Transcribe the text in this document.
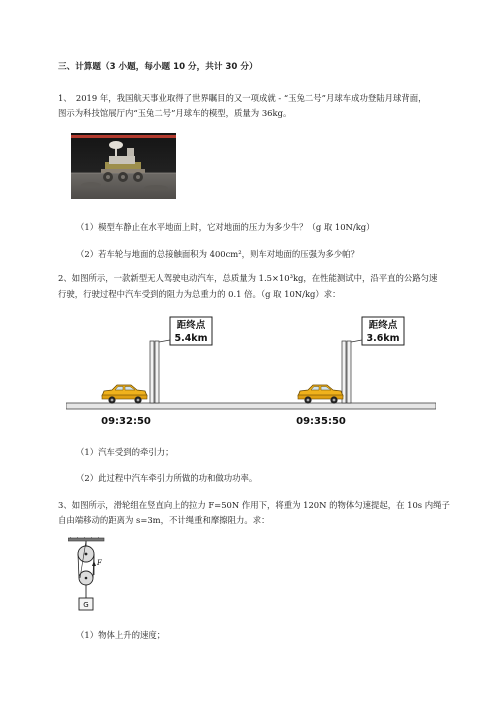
三、计算题（3 小题，每小题 10 分，共计 30 分）
1、　2019 年，我国航天事业取得了世界瞩目的又一项成就 - “玉兔二号”月球车成功登陆月球背面，
图示为科技馆展厅内“玉兔二号”月球车的模型，质量为 36kg。
（1）模型车静止在水平地面上时，它对地面的压力为多少牛？（g 取 10N/kg）
（2）若车轮与地面的总接触面积为 400cm²，则车对地面的压强为多少帕？
2、如图所示，一款新型无人驾驶电动汽车，总质量为 1.5×10³kg，在性能测试中，沿平直的公路匀速
行驶，行驶过程中汽车受到的阻力为总重力的 0.1 倍。（g 取 10N/kg）求：
距终点
5.4km
距终点
3.6km
09:32:50	09:35:50
（1）汽车受到的牵引力；
（2）此过程中汽车牵引力所做的功和做功功率。
3、如图所示，滑轮组在竖直向上的拉力 F=50N 作用下，将重为 120N 的物体匀速提起，在 10s 内绳子
自由端移动的距离为 s=3m，不计绳重和摩擦阻力。求：
F
G
（1）物体上升的速度；
